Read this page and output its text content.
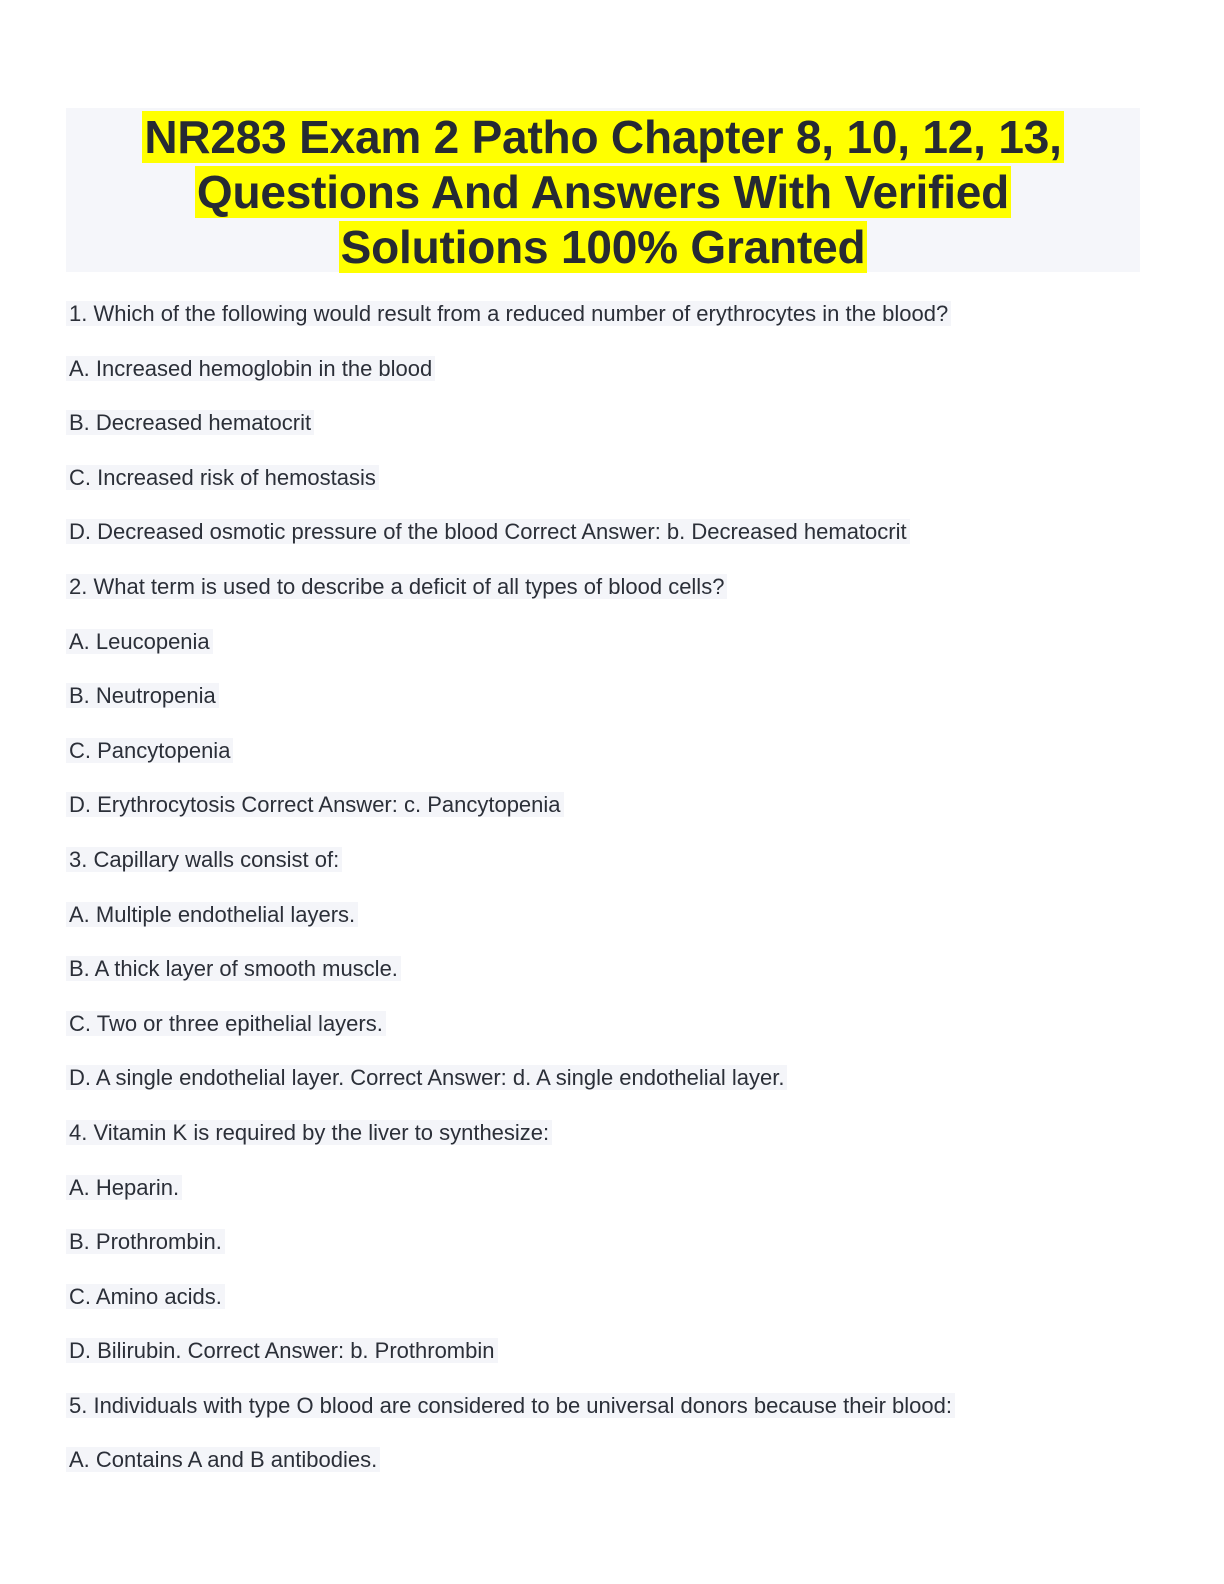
NR283 Exam 2 Patho Chapter 8, 10, 12, 13,
Questions And Answers With Verified
Solutions 100% Granted
1. Which of the following would result from a reduced number of erythrocytes in the blood?
A. Increased hemoglobin in the blood
B. Decreased hematocrit
C. Increased risk of hemostasis
D. Decreased osmotic pressure of the blood Correct Answer: b. Decreased hematocrit
2. What term is used to describe a deficit of all types of blood cells?
A. Leucopenia
B. Neutropenia
C. Pancytopenia
D. Erythrocytosis Correct Answer: c. Pancytopenia
3. Capillary walls consist of:
A. Multiple endothelial layers.
B. A thick layer of smooth muscle.
C. Two or three epithelial layers.
D. A single endothelial layer. Correct Answer: d. A single endothelial layer.
4. Vitamin K is required by the liver to synthesize:
A. Heparin.
B. Prothrombin.
C. Amino acids.
D. Bilirubin. Correct Answer: b. Prothrombin
5. Individuals with type O blood are considered to be universal donors because their blood:
A. Contains A and B antibodies.
